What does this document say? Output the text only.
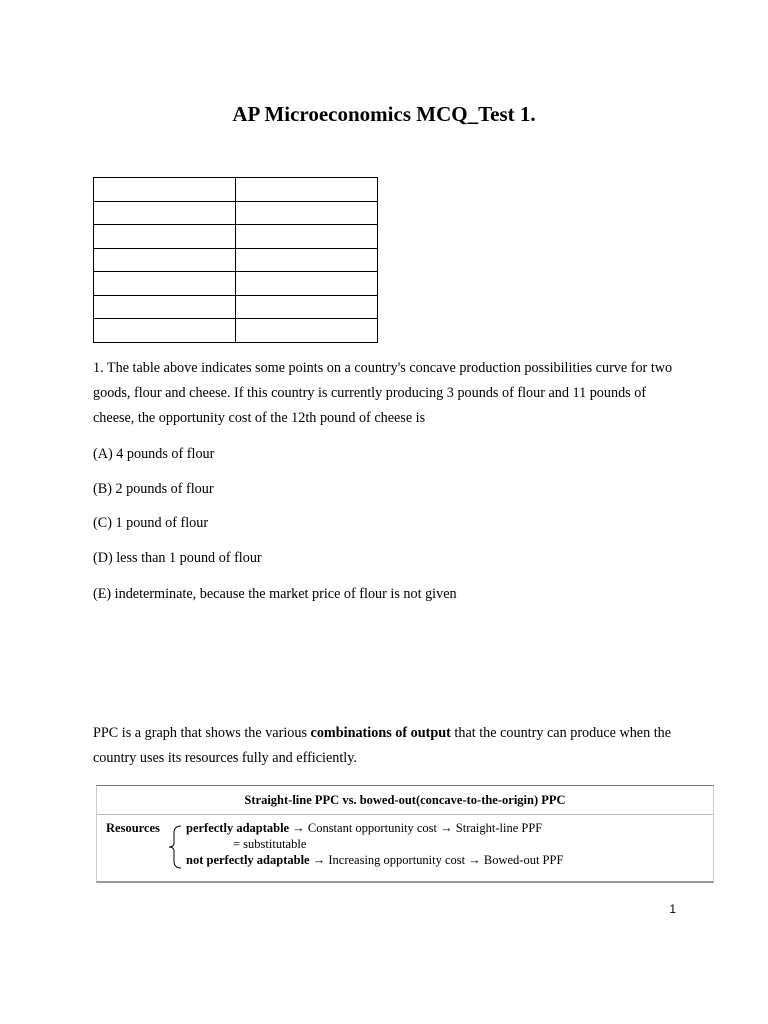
AP Microeconomics MCQ_Test 1.

1. The table above indicates some points on a country's concave production possibilities curve for two goods, flour and cheese. If this country is currently producing 3 pounds of flour and 11 pounds of cheese, the opportunity cost of the 12th pound of cheese is

(A) 4 pounds of flour
(B) 2 pounds of flour
(C) 1 pound of flour
(D) less than 1 pound of flour
(E) indeterminate, because the market price of flour is not given

PPC is a graph that shows the various combinations of output that the country can produce when the country uses its resources fully and efficiently.

Straight-line PPC vs. bowed-out(concave-to-the-origin) PPC
Resources perfectly adaptable → Constant opportunity cost → Straight-line PPF
= substitutable
not perfectly adaptable → Increasing opportunity cost → Bowed-out PPF
1
